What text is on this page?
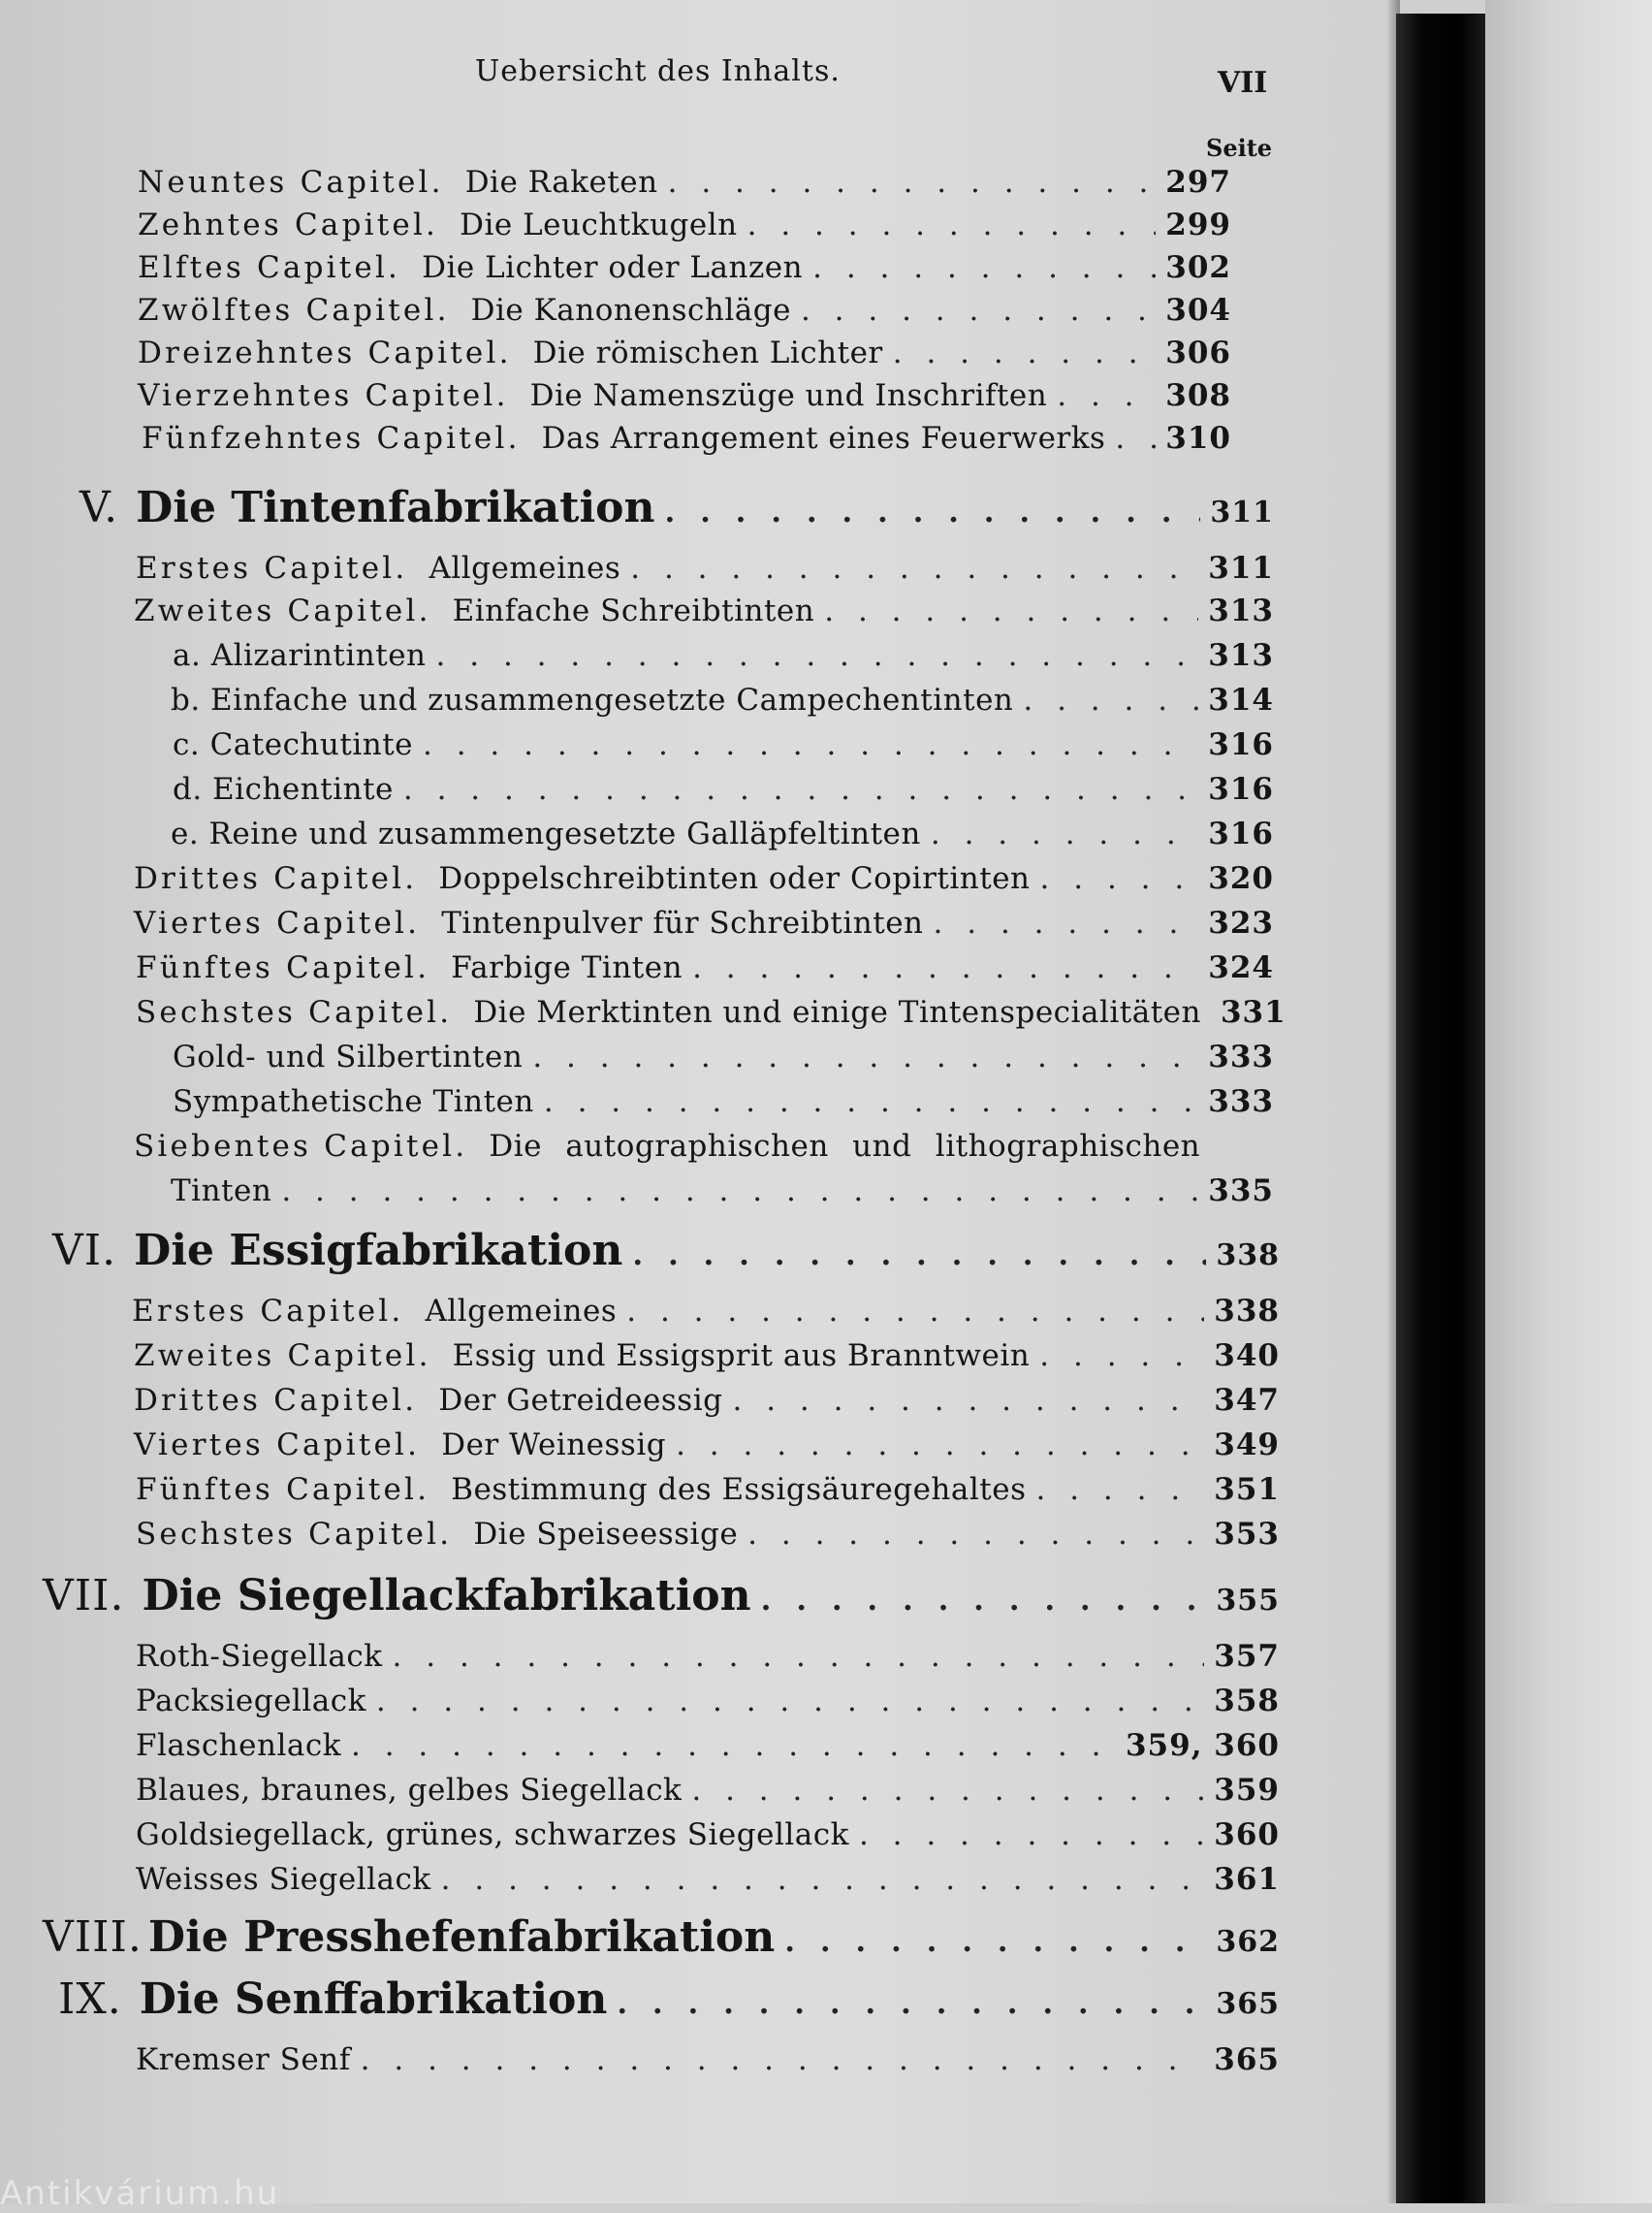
Uebersicht des Inhalts.	VII
Seite
Neuntes Capitel. Die Raketen . . .	297
Zehntes Capitel. Die Leuchtkugeln . . .	299
Elftes Capitel. Die Lichter oder Lanzen . . .	302
Zwölftes Capitel. Die Kanonenschläge . . .	304
Dreizehntes Capitel. Die römischen Lichter . . .	306
Vierzehntes Capitel. Die Namenszüge und Inschriften . . .	308
Fünfzehntes Capitel. Das Arrangement eines Feuerwerks . . . 310
V. Die Tintenfabrikation . . .	311
Erstes Capitel. Allgemeines . . .	311
Zweites Capitel. Einfache Schreibtinten . . .	313
a. Alizarintinten . . .	313
b. Einfache und zusammengesetzte Campechentinten . . .	314
c. Catechutinte . . .	316
d. Eichentinte . . .	316
e. Reine und zusammengesetzte Galläpfeltinten . . .	316
Drittes Capitel. Doppelschreibtinten oder Copirtinten . . .	320
Viertes Capitel. Tintenpulver für Schreibtinten . . .	323
Fünftes Capitel. Farbige Tinten . . .	324
Sechstes Capitel. Die Merktinten und einige Tintenspecialitäten 331
Gold- und Silbertinten . . .	333
Sympathetische Tinten . . .	333
Siebentes Capitel. Die autographischen und lithographischen
Tinten . . .	335
VI. Die Essigfabrikation . . .	338
Erstes Capitel. Allgemeines . . .	338
Zweites Capitel. Essig und Essigsprit aus Branntwein . . .	340
Drittes Capitel. Der Getreideessig . . .	347
Viertes Capitel. Der Weinessig . . .	349
Fünftes Capitel. Bestimmung des Essigsäuregehaltes . . .	351
Sechstes Capitel. Die Speiseessige . . .	353
VII. Die Siegellackfabrikation . . .	355
Roth-Siegellack . . .	357
Packsiegellack . . .	358
Flaschenlack . . .	359, 360
Blaues, braunes, gelbes Siegellack . . .	359
Goldsiegellack, grünes, schwarzes Siegellack . . .	360
Weisses Siegellack . . .	361
VIII. Die Presshefenfabrikation . . .	362
IX. Die Senffabrikation . . .	365
Kremser Senf . . .	365
Antikvárium.hu
